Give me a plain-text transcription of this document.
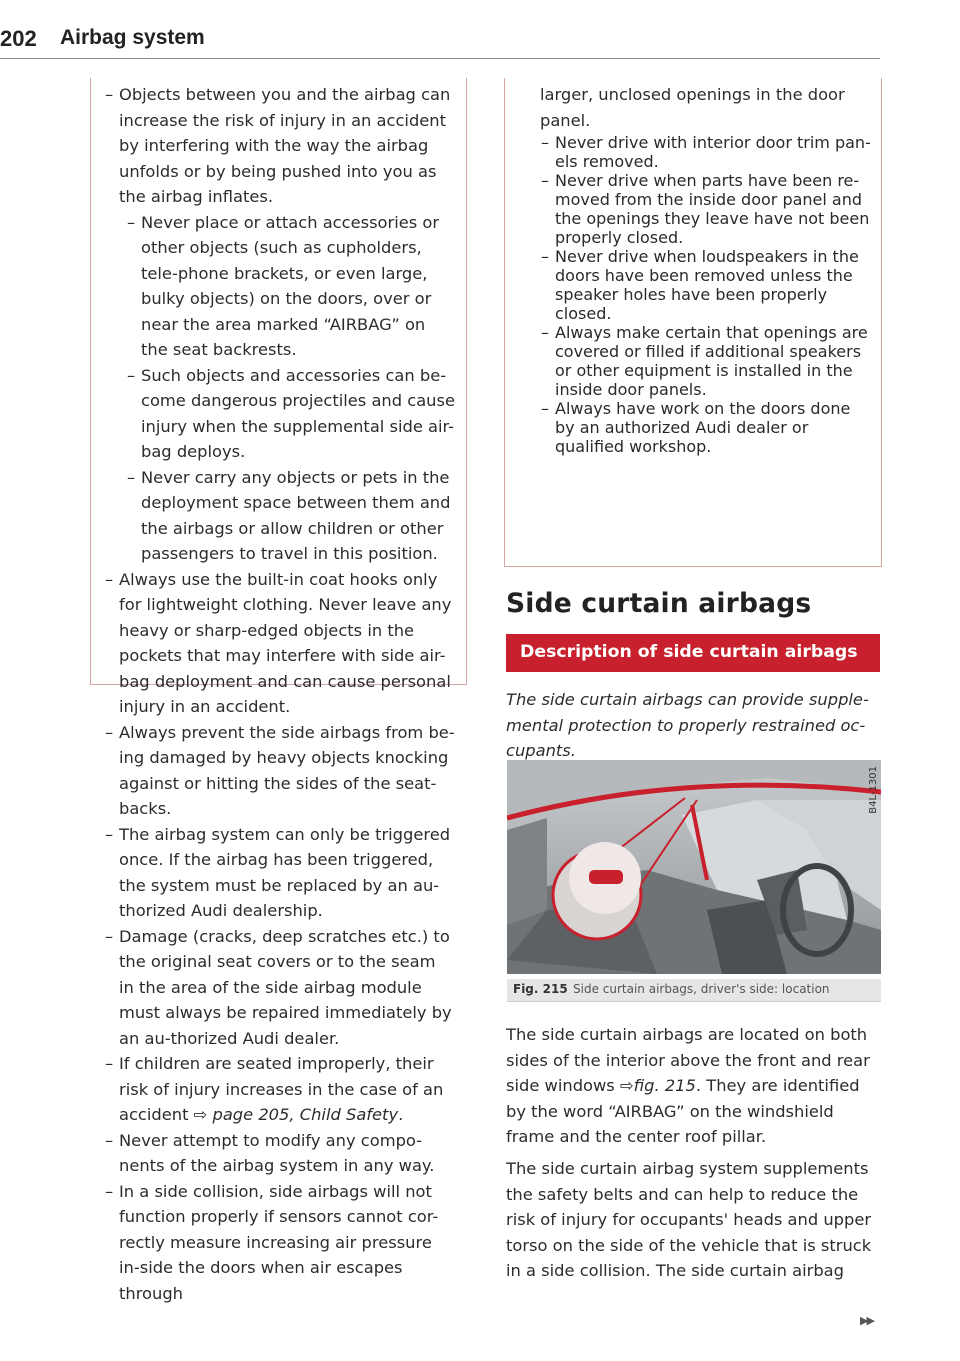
202 Airbag system
– Objects between you and the airbag can increase the risk of injury in an accident by interfering with the way the airbag unfolds or by being pushed into you as the airbag inflates.
– Never place or attach accessories or other objects (such as cupholders, tele-phone brackets, or even large, bulky objects) on the doors, over or near the area marked “AIRBAG” on the seat backrests.
– Such objects and accessories can be-come dangerous projectiles and cause injury when the supplemental side air-bag deploys.
– Never carry any objects or pets in the deployment space between them and the airbags or allow children or other passengers to travel in this position.
– Always use the built-in coat hooks only for lightweight clothing. Never leave any heavy or sharp-edged objects in the pockets that may interfere with side air-bag deployment and can cause personal injury in an accident.
– Always prevent the side airbags from be-ing damaged by heavy objects knocking against or hitting the sides of the seat-backs.
– The airbag system can only be triggered once. If the airbag has been triggered, the system must be replaced by an au-thorized Audi dealership.
– Damage (cracks, deep scratches etc.) to the original seat covers or to the seam in the area of the side airbag module must always be repaired immediately by an au-thorized Audi dealer.
– If children are seated improperly, their risk of injury increases in the case of an accident ⇨ page 205, Child Safety.
– Never attempt to modify any compo-nents of the airbag system in any way.
– In a side collision, side airbags will not function properly if sensors cannot cor-rectly measure increasing air pressure in-side the doors when air escapes through
larger, unclosed openings in the door panel.
– Never drive with interior door trim pan-els removed.
– Never drive when parts have been re-moved from the inside door panel and the openings they leave have not been properly closed.
– Never drive when loudspeakers in the doors have been removed unless the speaker holes have been properly closed.
– Always make certain that openings are covered or filled if additional speakers or other equipment is installed in the inside door panels.
– Always have work on the doors done by an authorized Audi dealer or qualified workshop.
Side curtain airbags
Description of side curtain airbags
The side curtain airbags can provide supple-mental protection to properly restrained oc-cupants.
B4L-1301
Fig. 215 Side curtain airbags, driver's side: location
The side curtain airbags are located on both sides of the interior above the front and rear side windows ⇨fig. 215. They are identified by the word “AIRBAG” on the windshield frame and the center roof pillar.
The side curtain airbag system supplements the safety belts and can help to reduce the risk of injury for occupants' heads and upper torso on the side of the vehicle that is struck in a side collision. The side curtain airbag
▶▶
